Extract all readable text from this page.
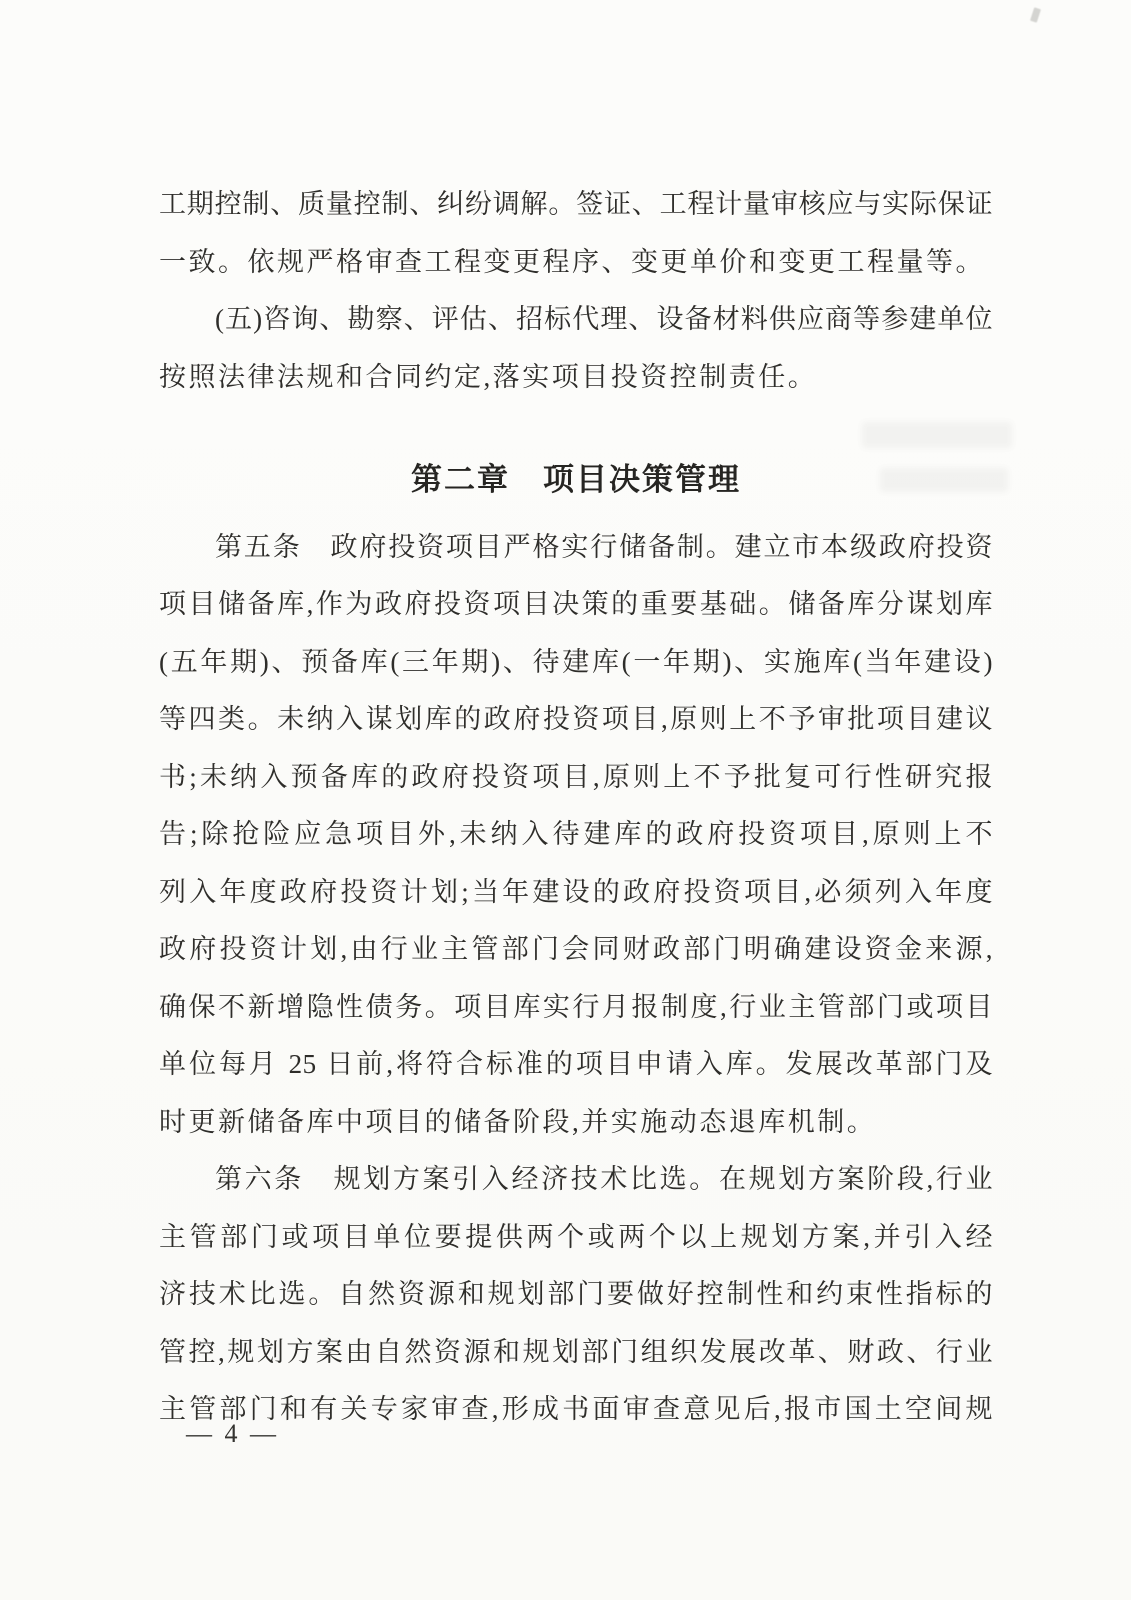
工期控制、质量控制、纠纷调解。签证、工程计量审核应与实际保证
一致。依规严格审查工程变更程序、变更单价和变更工程量等。
(五)咨询、勘察、评估、招标代理、设备材料供应商等参建单位
按照法律法规和合同约定,落实项目投资控制责任。
第二章　项目决策管理
第五条　政府投资项目严格实行储备制。建立市本级政府投资
项目储备库,作为政府投资项目决策的重要基础。储备库分谋划库
(五年期)、预备库(三年期)、待建库(一年期)、实施库(当年建设)
等四类。未纳入谋划库的政府投资项目,原则上不予审批项目建议
书;未纳入预备库的政府投资项目,原则上不予批复可行性研究报
告;除抢险应急项目外,未纳入待建库的政府投资项目,原则上不
列入年度政府投资计划;当年建设的政府投资项目,必须列入年度
政府投资计划,由行业主管部门会同财政部门明确建设资金来源,
确保不新增隐性债务。项目库实行月报制度,行业主管部门或项目
单位每月 25 日前,将符合标准的项目申请入库。发展改革部门及
时更新储备库中项目的储备阶段,并实施动态退库机制。
第六条　规划方案引入经济技术比选。在规划方案阶段,行业
主管部门或项目单位要提供两个或两个以上规划方案,并引入经
济技术比选。自然资源和规划部门要做好控制性和约束性指标的
管控,规划方案由自然资源和规划部门组织发展改革、财政、行业
主管部门和有关专家审查,形成书面审查意见后,报市国土空间规
— 4 —
